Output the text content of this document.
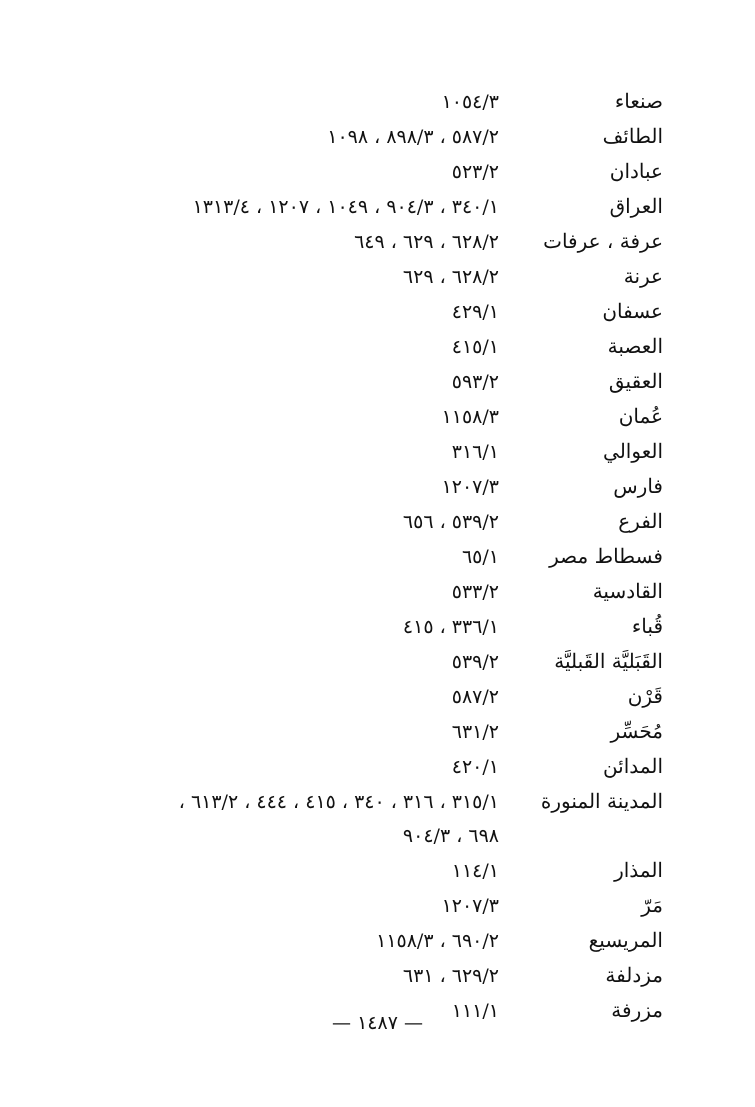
صنعاء
١٠٥٤/٣
الطائف
٥٨٧/٢ ، ٨٩٨/٣ ، ١٠٩٨
عبادان
٥٢٣/٢
العراق
٣٤٠/١ ، ٩٠٤/٣ ، ١٠٤٩ ، ١٢٠٧ ، ١٣١٣/٤
عرفة ، عرفات
٦٢٨/٢ ، ٦٢٩ ، ٦٤٩
عرنة
٦٢٨/٢ ، ٦٢٩
عسفان
٤٢٩/١
العصبة
٤١٥/١
العقيق
٥٩٣/٢
عُمان
١١٥٨/٣
العوالي
٣١٦/١
فارس
١٢٠٧/٣
الفرع
٥٣٩/٢ ، ٦٥٦
فسطاط مصر
٦٥/١
القادسية
٥٣٣/٢
قُباء
٣٣٦/١ ، ٤١٥
القَبَليَّة القَبليَّة
٥٣٩/٢
قَرْن
٥٨٧/٢
مُحَسِّر
٦٣١/٢
المدائن
٤٢٠/١
المدينة المنورة
٣١٥/١ ، ٣١٦ ، ٣٤٠ ، ٤١٥ ، ٤٤٤ ، ٦١٣/٢ ،
٦٩٨ ، ٩٠٤/٣
المذار
١١٤/١
مَرّ
١٢٠٧/٣
المريسيع
٦٩٠/٢ ، ١١٥٨/٣
مزدلفة
٦٢٩/٢ ، ٦٣١
مزرفة
١١١/١
— ١٤٨٧ —
